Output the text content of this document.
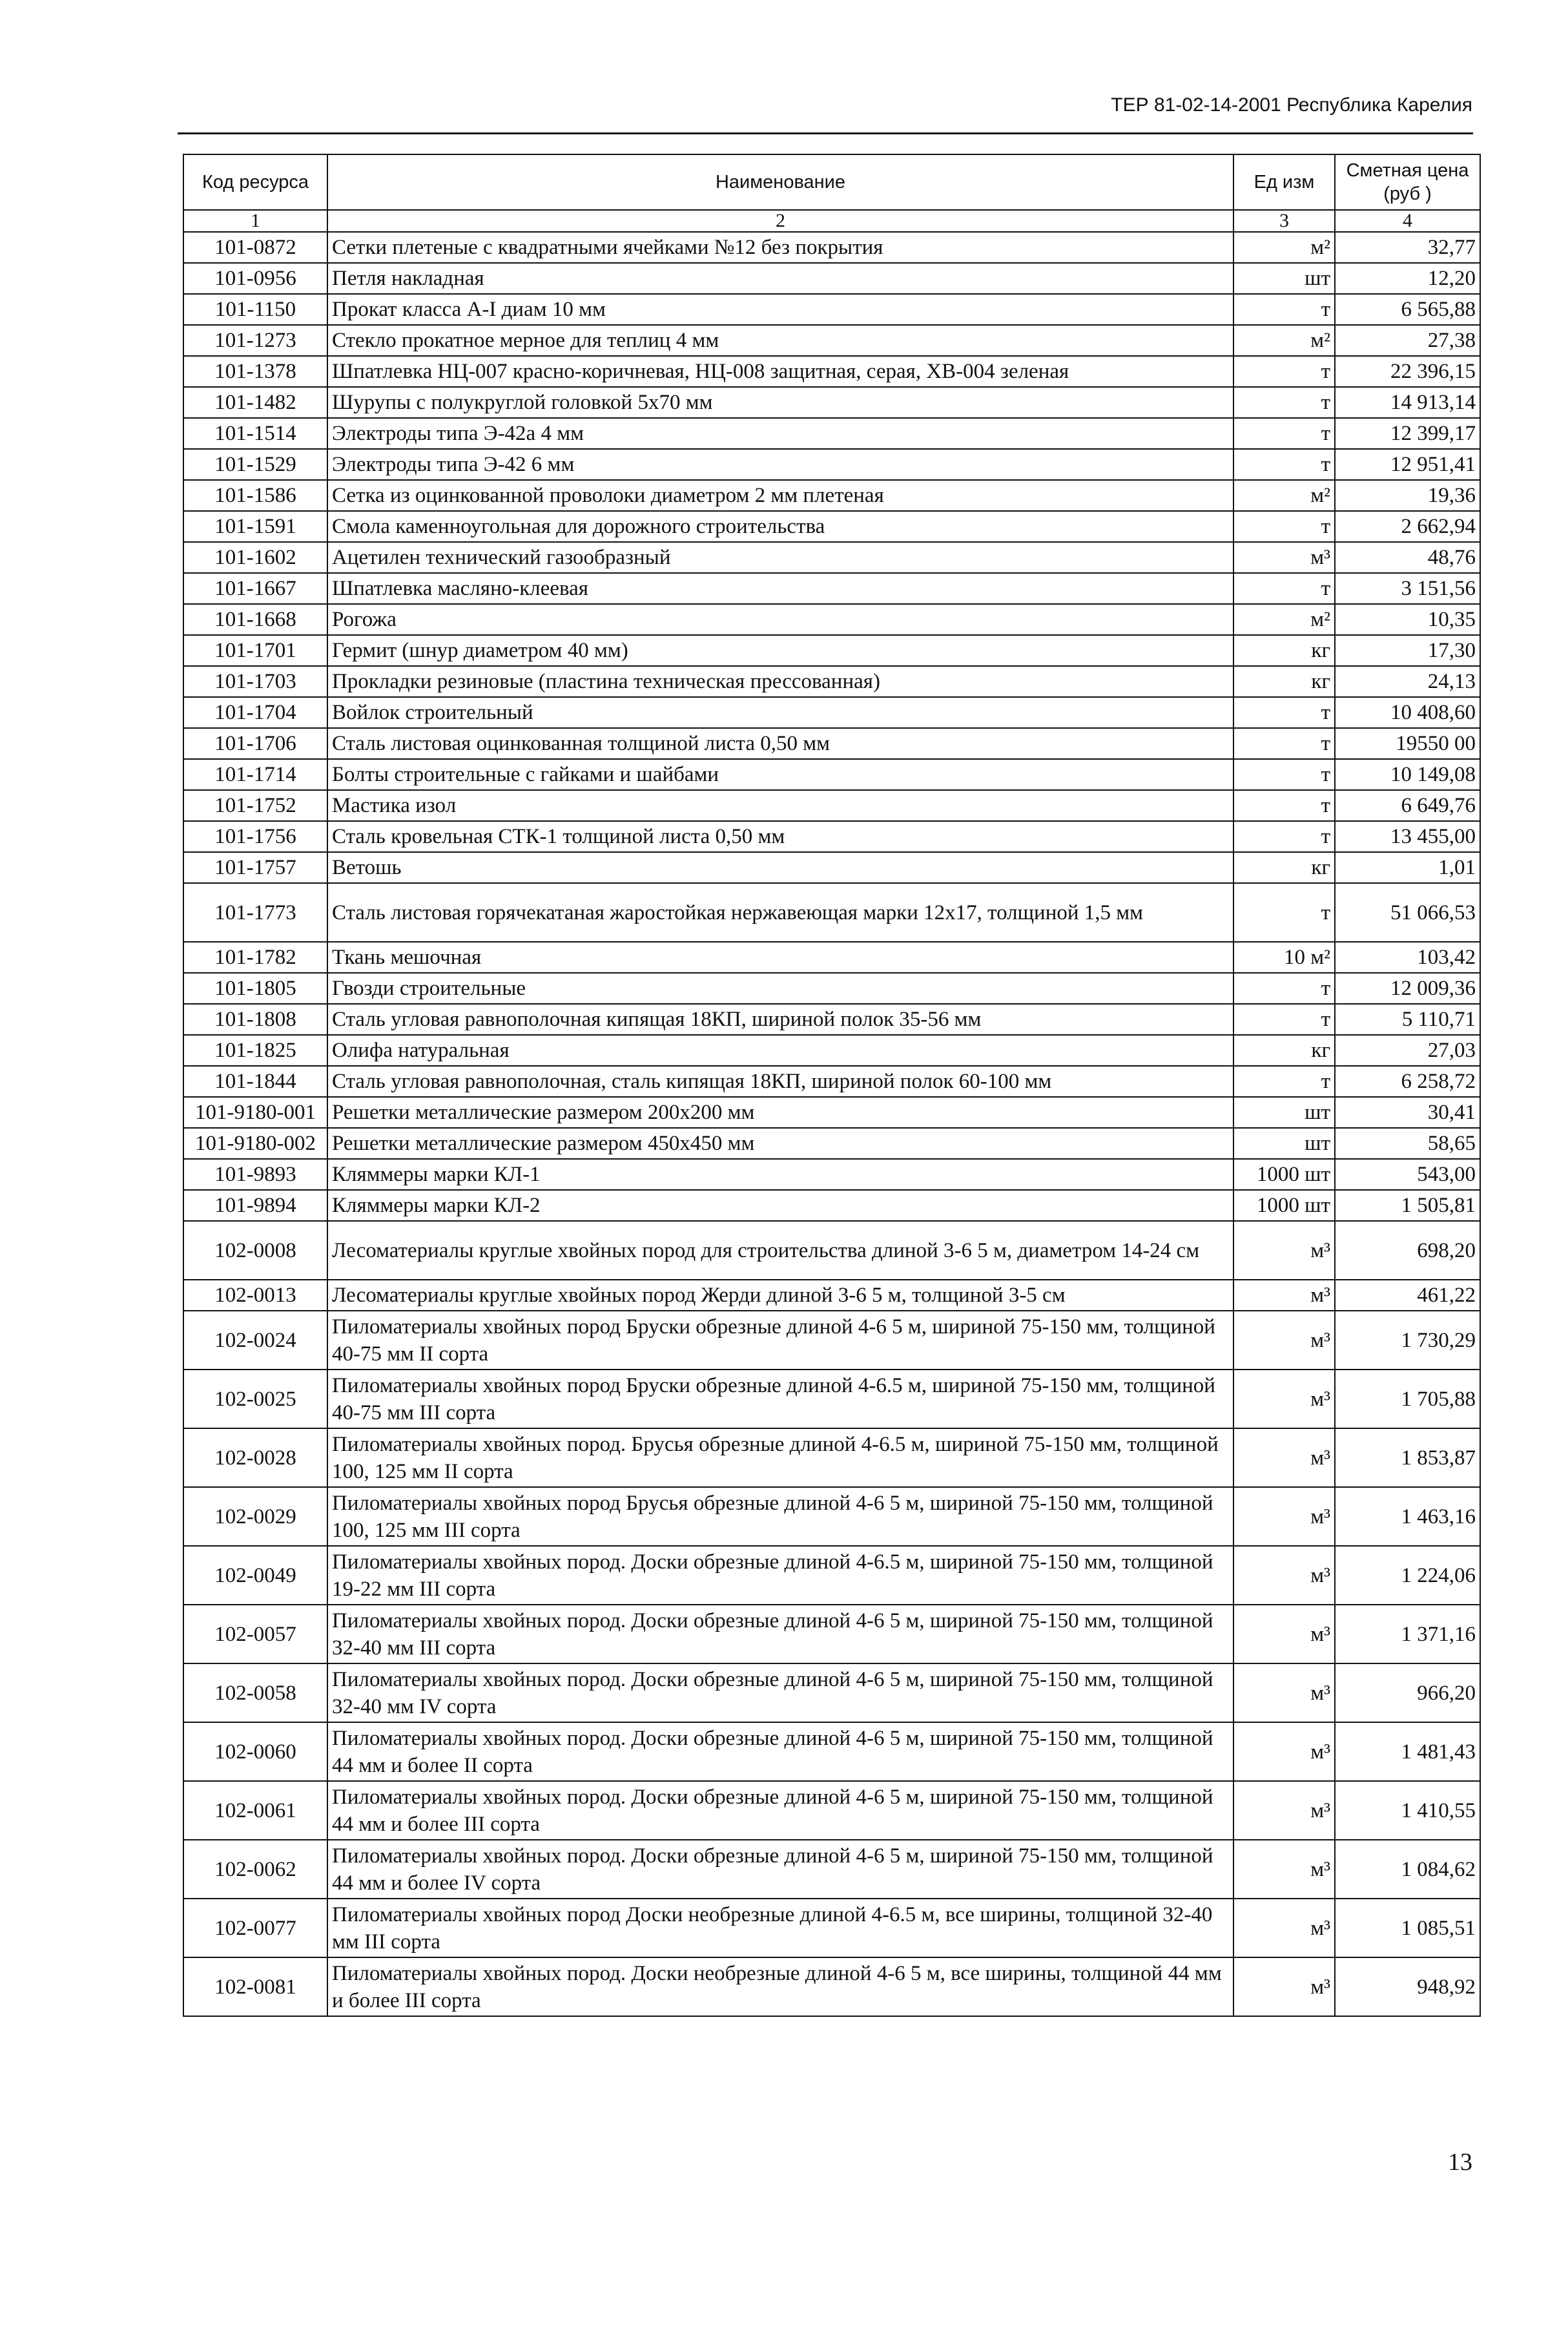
ТЕР 81-02-14-2001 Республика Карелия
Код ресурса	Наименование	Ед изм	Сметная цена (руб )
1	2	3	4
101-0872	Сетки плетеные с квадратными ячейками №12 без покрытия	м²	32,77
101-0956	Петля накладная	шт	12,20
101-1150	Прокат класса А-I диам 10 мм	т	6 565,88
101-1273	Стекло прокатное мерное для теплиц 4 мм	м²	27,38
101-1378	Шпатлевка НЦ-007 красно-коричневая, НЦ-008 защитная, серая, ХВ-004 зеленая	т	22 396,15
101-1482	Шурупы с полукруглой головкой 5x70 мм	т	14 913,14
101-1514	Электроды типа Э-42а 4 мм	т	12 399,17
101-1529	Электроды типа Э-42 6 мм	т	12 951,41
101-1586	Сетка из оцинкованной проволоки диаметром 2 мм плетеная	м²	19,36
101-1591	Смола каменноугольная для дорожного строительства	т	2 662,94
101-1602	Ацетилен технический газообразный	м³	48,76
101-1667	Шпатлевка масляно-клеевая	т	3 151,56
101-1668	Рогожа	м²	10,35
101-1701	Гермит (шнур диаметром 40 мм)	кг	17,30
101-1703	Прокладки резиновые (пластина техническая прессованная)	кг	24,13
101-1704	Войлок строительный	т	10 408,60
101-1706	Сталь листовая оцинкованная толщиной листа 0,50 мм	т	19550 00
101-1714	Болты строительные с гайками и шайбами	т	10 149,08
101-1752	Мастика изол	т	6 649,76
101-1756	Сталь кровельная СТК-1 толщиной листа 0,50 мм	т	13 455,00
101-1757	Ветошь	кг	1,01
101-1773	Сталь листовая горячекатаная жаростойкая нержавеющая марки 12x17, толщиной 1,5 мм	т	51 066,53
101-1782	Ткань мешочная	10 м²	103,42
101-1805	Гвозди строительные	т	12 009,36
101-1808	Сталь угловая равнополочная кипящая 18КП, шириной полок 35-56 мм	т	5 110,71
101-1825	Олифа натуральная	кг	27,03
101-1844	Сталь угловая равнополочная, сталь кипящая 18КП, шириной полок 60-100 мм	т	6 258,72
101-9180-001	Решетки металлические размером 200x200 мм	шт	30,41
101-9180-002	Решетки металлические размером 450x450 мм	шт	58,65
101-9893	Кляммеры марки КЛ-1	1000 шт	543,00
101-9894	Кляммеры марки КЛ-2	1000 шт	1 505,81
102-0008	Лесоматериалы круглые хвойных пород для строительства длиной 3-6 5 м, диаметром 14-24 см	м³	698,20
102-0013	Лесоматериалы круглые хвойных пород Жерди длиной 3-6 5 м, толщиной 3-5 см	м³	461,22
102-0024	Пиломатериалы хвойных пород Бруски обрезные длиной 4-6 5 м, шириной 75-150 мм, толщиной 40-75 мм II сорта	м³	1 730,29
102-0025	Пиломатериалы хвойных пород Бруски обрезные длиной 4-6.5 м, шириной 75-150 мм, толщиной 40-75 мм III сорта	м³	1 705,88
102-0028	Пиломатериалы хвойных пород. Брусья обрезные длиной 4-6.5 м, шириной 75-150 мм, толщиной 100, 125 мм II сорта	м³	1 853,87
102-0029	Пиломатериалы хвойных пород Брусья обрезные длиной 4-6 5 м, шириной 75-150 мм, толщиной 100, 125 мм III сорта	м³	1 463,16
102-0049	Пиломатериалы хвойных пород. Доски обрезные длиной 4-6.5 м, шириной 75-150 мм, толщиной 19-22 мм III сорта	м³	1 224,06
102-0057	Пиломатериалы хвойных пород. Доски обрезные длиной 4-6 5 м, шириной 75-150 мм, толщиной 32-40 мм III сорта	м³	1 371,16
102-0058	Пиломатериалы хвойных пород. Доски обрезные длиной 4-6 5 м, шириной 75-150 мм, толщиной 32-40 мм IV сорта	м³	966,20
102-0060	Пиломатериалы хвойных пород. Доски обрезные длиной 4-6 5 м, шириной 75-150 мм, толщиной 44 мм и более II сорта	м³	1 481,43
102-0061	Пиломатериалы хвойных пород. Доски обрезные длиной 4-6 5 м, шириной 75-150 мм, толщиной 44 мм и более III сорта	м³	1 410,55
102-0062	Пиломатериалы хвойных пород. Доски обрезные длиной 4-6 5 м, шириной 75-150 мм, толщиной 44 мм и более IV сорта	м³	1 084,62
102-0077	Пиломатериалы хвойных пород Доски необрезные длиной 4-6.5 м, все ширины, толщиной 32-40 мм III сорта	м³	1 085,51
102-0081	Пиломатериалы хвойных пород. Доски необрезные длиной 4-6 5 м, все ширины, толщиной 44 мм и более III сорта	м³	948,92
13
